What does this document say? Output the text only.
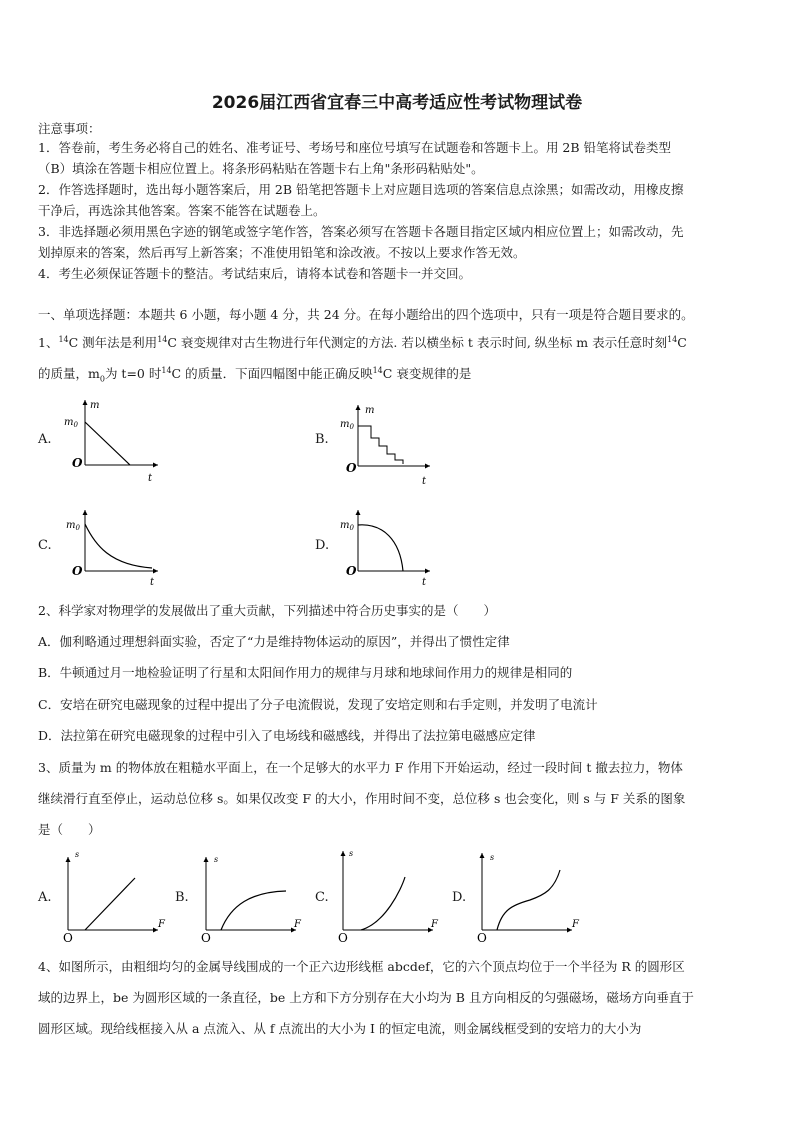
2026届江西省宜春三中高考适应性考试物理试卷
注意事项：
1．答卷前，考生务必将自己的姓名、准考证号、考场号和座位号填写在试题卷和答题卡上。用 2B 铅笔将试卷类型
（B）填涂在答题卡相应位置上。将条形码粘贴在答题卡右上角"条形码粘贴处"。
2．作答选择题时，选出每小题答案后，用 2B 铅笔把答题卡上对应题目选项的答案信息点涂黑；如需改动，用橡皮擦
干净后，再选涂其他答案。答案不能答在试题卷上。
3．非选择题必须用黑色字迹的钢笔或签字笔作答，答案必须写在答题卡各题目指定区域内相应位置上；如需改动，先
划掉原来的答案，然后再写上新答案；不准使用铅笔和涂改液。不按以上要求作答无效。
4．考生必须保证答题卡的整洁。考试结束后，请将本试卷和答题卡一并交回。
一、单项选择题：本题共 6 小题，每小题 4 分，共 24 分。在每小题给出的四个选项中，只有一项是符合题目要求的。
1、$^{14}$C 测年法是利用$^{14}$C 衰变规律对古生物进行年代测定的方法. 若以横坐标 t 表示时间, 纵坐标 m 表示任意时刻$^{14}$C
的质量，$m_0$为 t=0 时$^{14}$C 的质量．下面四幅图中能正确反映$^{14}$C 衰变规律的是
A.
m
$m_0$
O
t
B.
m
$m_0$
O
t
C.
$m_0$
O
t
D.
$m_0$
O
t
2、科学家对物理学的发展做出了重大贡献，下列描述中符合历史事实的是（　　）
A．伽利略通过理想斜面实验，否定了“力是维持物体运动的原因”，并得出了惯性定律
B．牛顿通过月一地检验证明了行星和太阳间作用力的规律与月球和地球间作用力的规律是相同的
C．安培在研究电磁现象的过程中提出了分子电流假说，发现了安培定则和右手定则，并发明了电流计
D．法拉第在研究电磁现象的过程中引入了电场线和磁感线，并得出了法拉第电磁感应定律
3、质量为 m 的物体放在粗糙水平面上，在一个足够大的水平力 F 作用下开始运动，经过一段时间 t 撤去拉力，物体
继续滑行直至停止，运动总位移 s。如果仅改变 F 的大小，作用时间不变，总位移 s 也会变化，则 s 与 F 关系的图象
是（　　）
A.
s
O
F
B.
s
O
F
C.
s
O
F
D.
s
O
F
4、如图所示，由粗细均匀的金属导线围成的一个正六边形线框 abcdef，它的六个顶点均位于一个半径为 R 的圆形区
域的边界上，be 为圆形区域的一条直径，be 上方和下方分别存在大小均为 B 且方向相反的匀强磁场，磁场方向垂直于
圆形区域。现给线框接入从 a 点流入、从 f 点流出的大小为 I 的恒定电流，则金属线框受到的安培力的大小为
